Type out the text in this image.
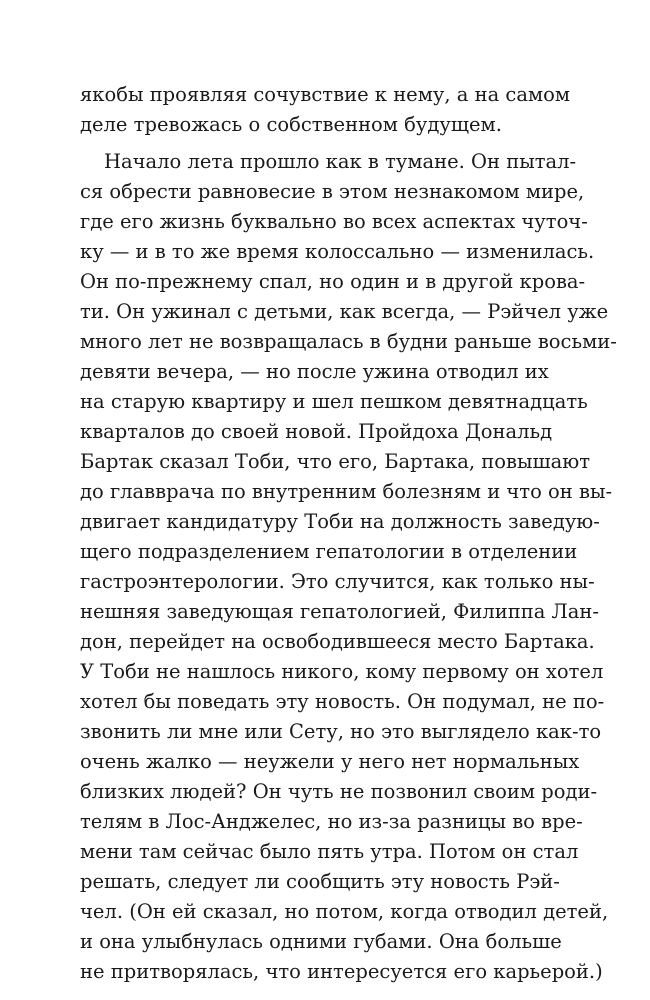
якобы проявляя сочувствие к нему, а на самом
деле тревожась о собственном будущем.
Начало лета прошло как в тумане. Он пытал-
ся обрести равновесие в этом незнакомом мире,
где его жизнь буквально во всех аспектах чуточ-
ку — и в то же время колоссально — изменилась.
Он по-прежнему спал, но один и в другой крова-
ти. Он ужинал с детьми, как всегда, — Рэйчел уже
много лет не возвращалась в будни раньше восьми-
девяти вечера, — но после ужина отводил их
на старую квартиру и шел пешком девятнадцать
кварталов до своей новой. Пройдоха Дональд
Бартак сказал Тоби, что его, Бартака, повышают
до главврача по внутренним болезням и что он вы-
двигает кандидатуру Тоби на должность заведую-
щего подразделением гепатологии в отделении
гастроэнтерологии. Это случится, как только ны-
нешняя заведующая гепатологией, Филиппа Лан-
дон, перейдет на освободившееся место Бартака.
У Тоби не нашлось никого, кому первому он хотел
хотел бы поведать эту новость. Он подумал, не по-
звонить ли мне или Сету, но это выглядело как-то
очень жалко — неужели у него нет нормальных
близких людей? Он чуть не позвонил своим роди-
телям в Лос-Анджелес, но из-за разницы во вре-
мени там сейчас было пять утра. Потом он стал
решать, следует ли сообщить эту новость Рэй-
чел. (Он ей сказал, но потом, когда отводил детей,
и она улыбнулась одними губами. Она больше
не притворялась, что интересуется его карьерой.)
